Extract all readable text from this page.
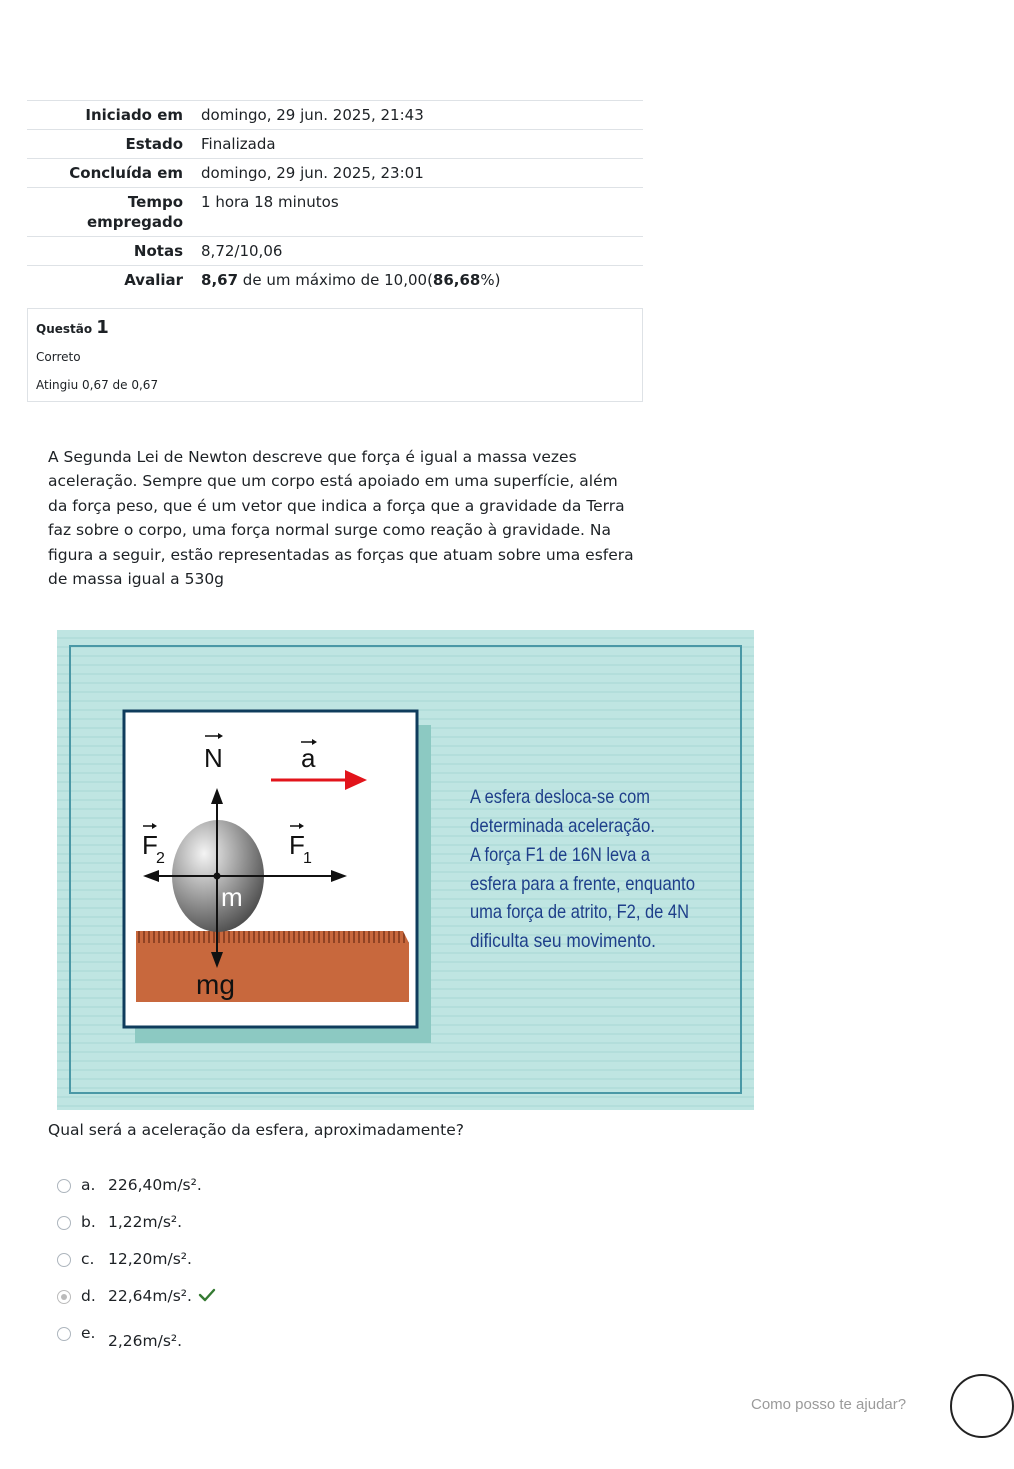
Iniciado em	domingo, 29 jun. 2025, 21:43
Estado	Finalizada
Concluída em	domingo, 29 jun. 2025, 23:01
Tempo empregado	1 hora 18 minutos
Notas	8,72/10,06
Avaliar	8,67 de um máximo de 10,00(86,68%)
Questão 1
Correto
Atingiu 0,67 de 0,67
A Segunda Lei de Newton descreve que força é igual a massa vezes aceleração. Sempre que um corpo está apoiado em uma superfície, além da força peso, que é um vetor que indica a força que a gravidade da Terra faz sobre o corpo, uma força normal surge como reação à gravidade. Na figura a seguir, estão representadas as forças que atuam sobre uma esfera de massa igual a 530g
N	a
F
2	F
1
m
mg
A esfera desloca-se com
determinada aceleração.
A força F1 de 16N leva a
esfera para a frente, enquanto
uma força de atrito, F2, de 4N
dificulta seu movimento.
Qual será a aceleração da esfera, aproximadamente?
a. 226,40m/s².
b. 1,22m/s².
c. 12,20m/s².
d. 22,64m/s².
e. 2,26m/s².
Como posso te ajudar?
